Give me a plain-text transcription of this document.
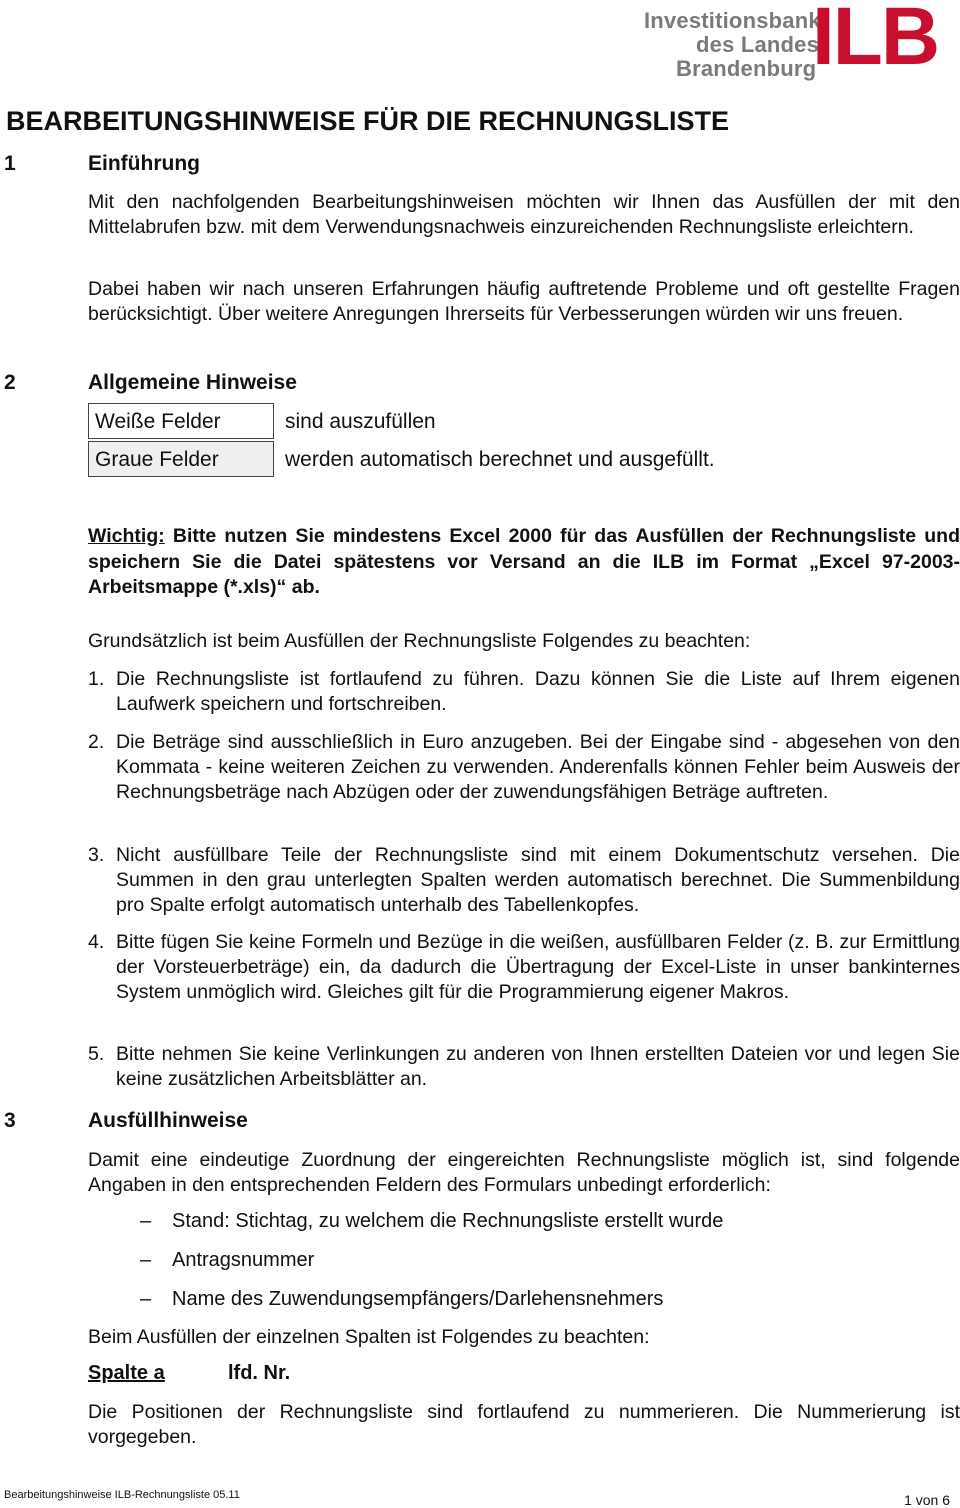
Investitionsbank
des Landes
Brandenburg
ILB
BEARBEITUNGSHINWEISE FÜR DIE RECHNUNGSLISTE
1	Einführung
Mit den nachfolgenden Bearbeitungshinweisen möchten wir Ihnen das Ausfüllen der mit den Mittelabrufen bzw. mit dem Verwendungsnachweis einzureichenden Rechnungsliste erleichtern.
Dabei haben wir nach unseren Erfahrungen häufig auftretende Probleme und oft gestellte Fragen berücksichtigt. Über weitere Anregungen Ihrerseits für Verbesserungen würden wir uns freuen.
2	Allgemeine Hinweise
Weiße Felder	sind auszufüllen
Graue Felder	werden automatisch berechnet und ausgefüllt.
Wichtig: Bitte nutzen Sie mindestens Excel 2000 für das Ausfüllen der Rechnungsliste und speichern Sie die Datei spätestens vor Versand an die ILB im Format „Excel 97-2003-Arbeitsmappe (*.xls)“ ab.
Grundsätzlich ist beim Ausfüllen der Rechnungsliste Folgendes zu beachten:
1. Die Rechnungsliste ist fortlaufend zu führen. Dazu können Sie die Liste auf Ihrem eigenen Laufwerk speichern und fortschreiben.
2. Die Beträge sind ausschließlich in Euro anzugeben. Bei der Eingabe sind - abgesehen von den Kommata - keine weiteren Zeichen zu verwenden. Anderenfalls können Fehler beim Ausweis der Rechnungsbeträge nach Abzügen oder der zuwendungsfähigen Beträge auftreten.
3. Nicht ausfüllbare Teile der Rechnungsliste sind mit einem Dokumentschutz versehen. Die Summen in den grau unterlegten Spalten werden automatisch berechnet. Die Summenbildung pro Spalte erfolgt automatisch unterhalb des Tabellenkopfes.
4. Bitte fügen Sie keine Formeln und Bezüge in die weißen, ausfüllbaren Felder (z. B. zur Ermittlung der Vorsteuerbeträge) ein, da dadurch die Übertragung der Excel-Liste in unser bankinternes System unmöglich wird. Gleiches gilt für die Programmierung eigener Makros.
5. Bitte nehmen Sie keine Verlinkungen zu anderen von Ihnen erstellten Dateien vor und legen Sie keine zusätzlichen Arbeitsblätter an.
3	Ausfüllhinweise
Damit eine eindeutige Zuordnung der eingereichten Rechnungsliste möglich ist, sind folgende Angaben in den entsprechenden Feldern des Formulars unbedingt erforderlich:
– Stand: Stichtag, zu welchem die Rechnungsliste erstellt wurde
– Antragsnummer
– Name des Zuwendungsempfängers/Darlehensnehmers
Beim Ausfüllen der einzelnen Spalten ist Folgendes zu beachten:
Spalte a	lfd. Nr.
Die Positionen der Rechnungsliste sind fortlaufend zu nummerieren. Die Nummerierung ist vorgegeben.
Bearbeitungshinweise ILB-Rechnungsliste 05.11	1 von 6
